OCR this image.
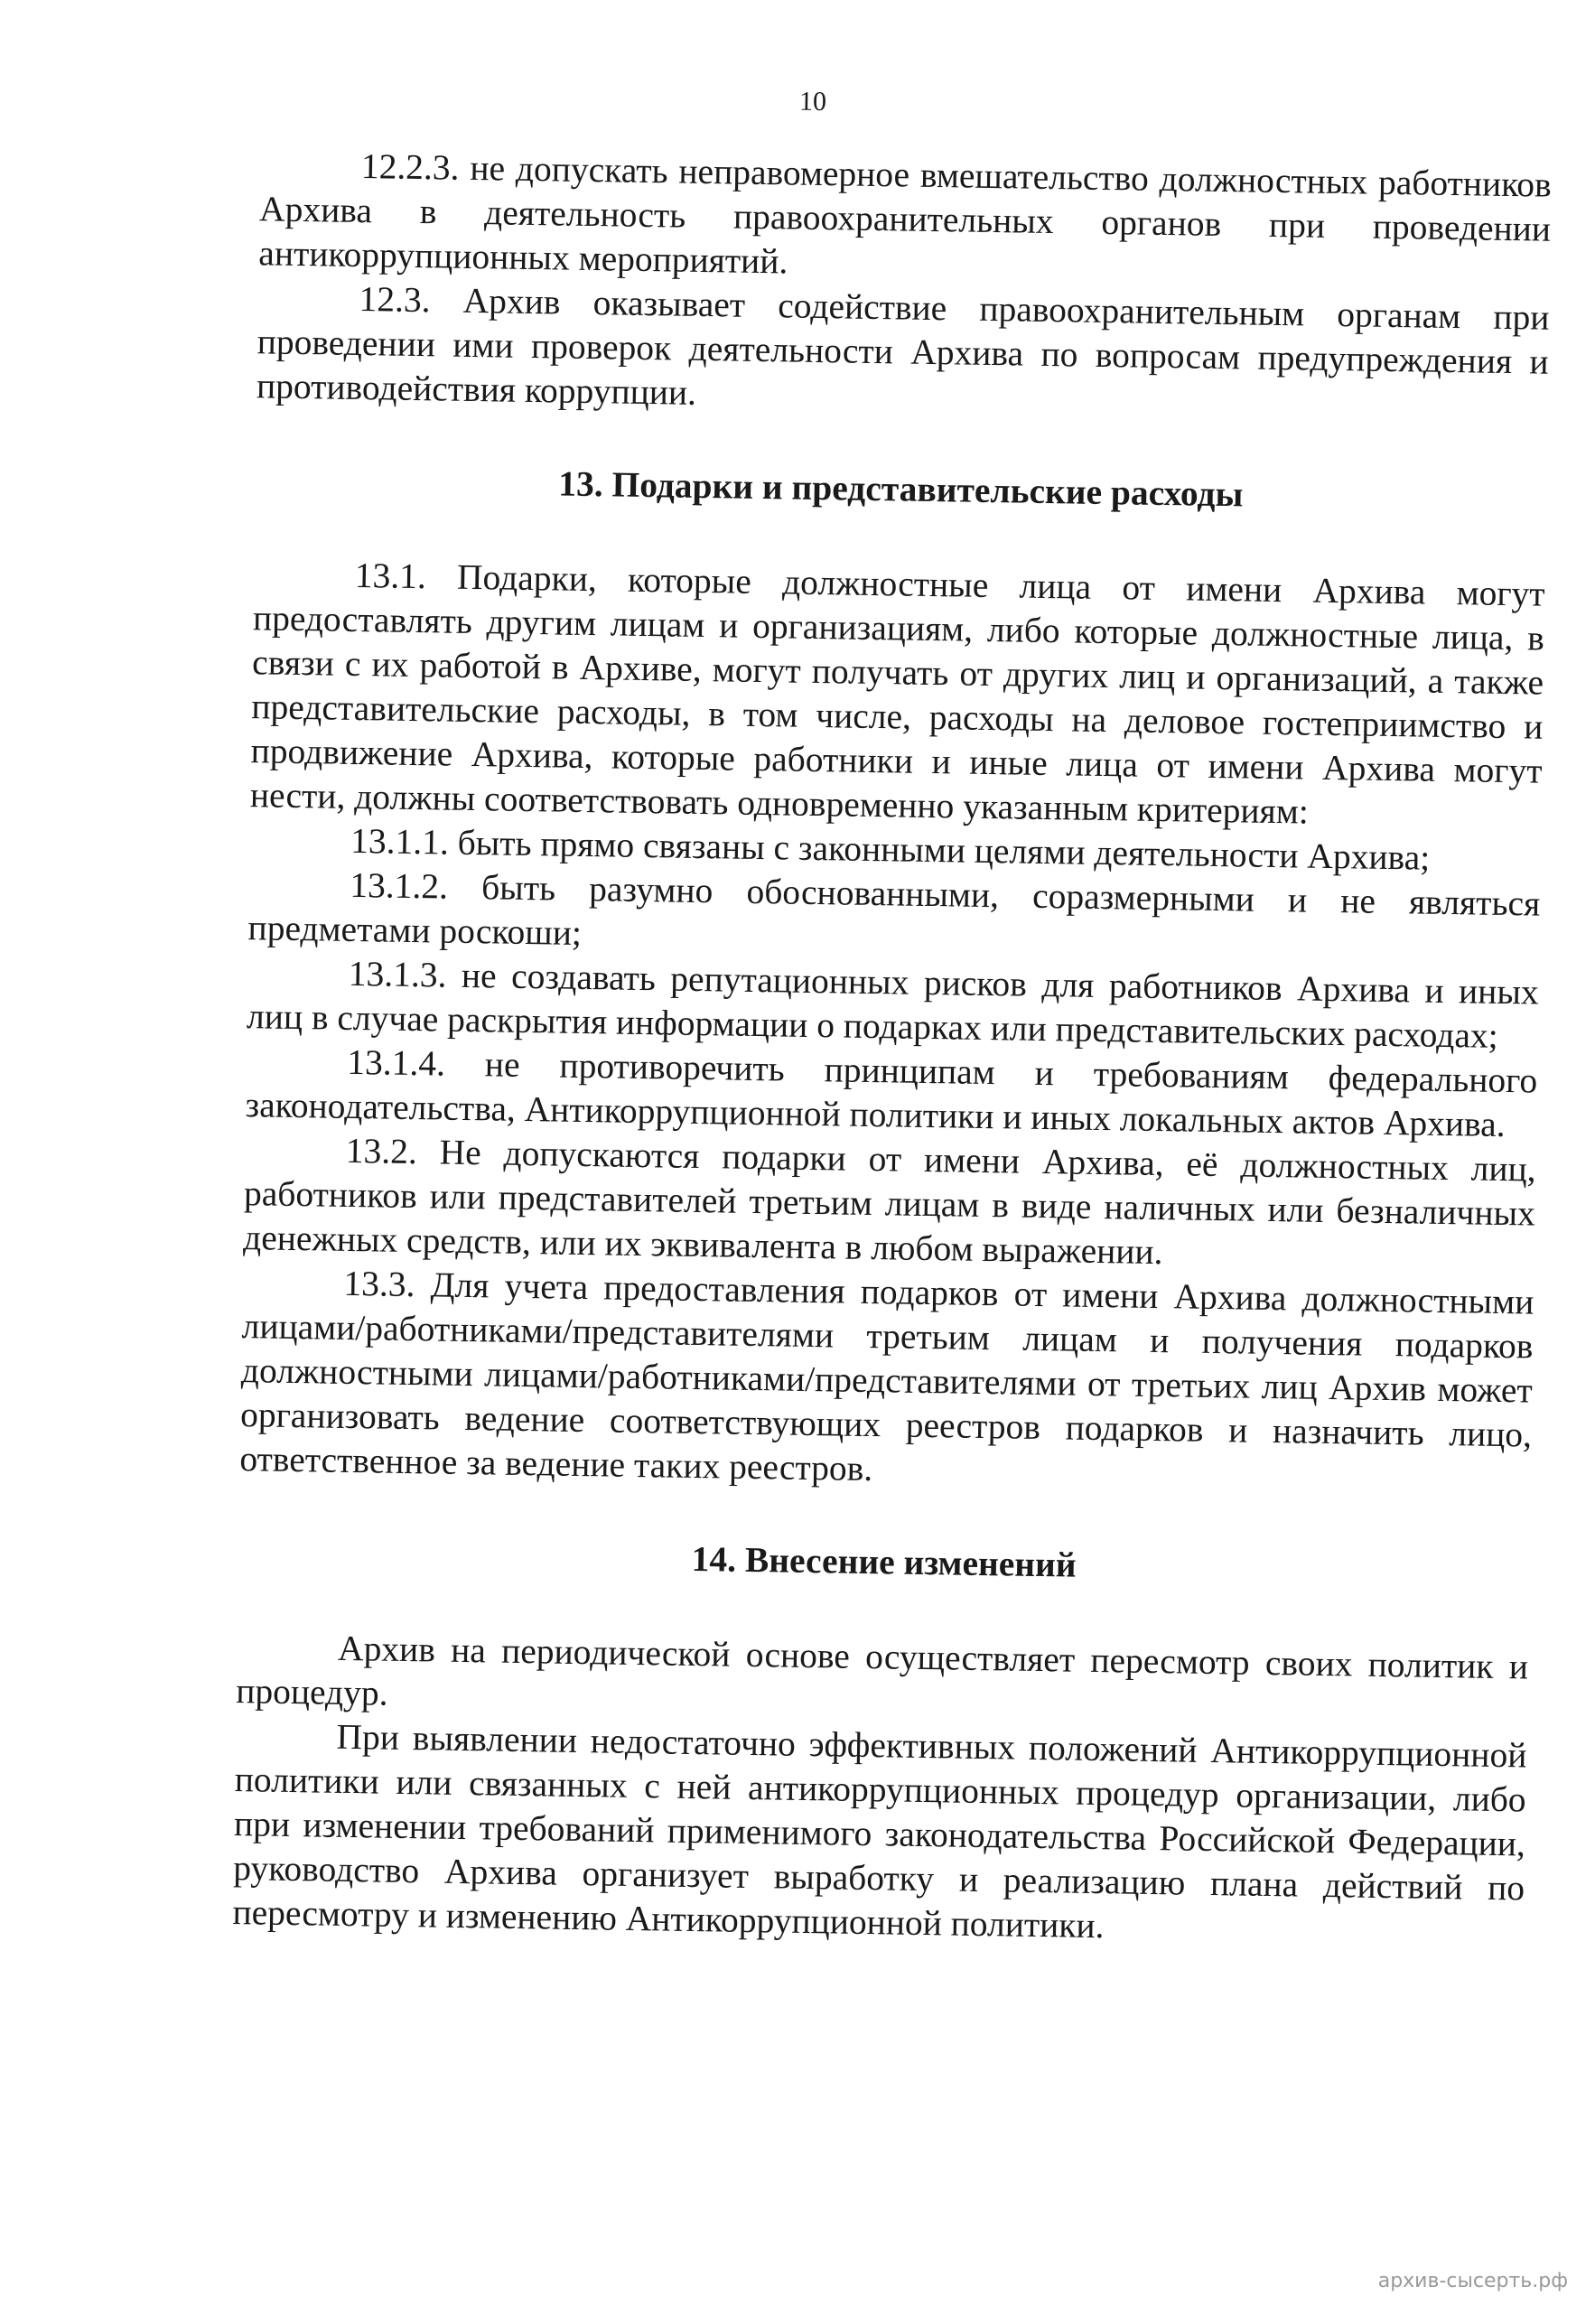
10

12.2.3. не допускать неправомерное вмешательство должностных работников Архива в деятельность правоохранительных органов при проведении антикоррупционных мероприятий.

12.3. Архив оказывает содействие правоохранительным органам при проведении ими проверок деятельности Архива по вопросам предупреждения и противодействия коррупции.

13. Подарки и представительские расходы

13.1. Подарки, которые должностные лица от имени Архива могут предоставлять другим лицам и организациям, либо которые должностные лица, в связи с их работой в Архиве, могут получать от других лиц и организаций, а также представительские расходы, в том числе, расходы на деловое гостеприимство и продвижение Архива, которые работники и иные лица от имени Архива могут нести, должны соответствовать одновременно указанным критериям:

13.1.1. быть прямо связаны с законными целями деятельности Архива;

13.1.2. быть разумно обоснованными, соразмерными и не являться предметами роскоши;

13.1.3. не создавать репутационных рисков для работников Архива и иных лиц в случае раскрытия информации о подарках или представительских расходах;

13.1.4. не противоречить принципам и требованиям федерального законодательства, Антикоррупционной политики и иных локальных актов Архива.

13.2. Не допускаются подарки от имени Архива, её должностных лиц, работников или представителей третьим лицам в виде наличных или безналичных денежных средств, или их эквивалента в любом выражении.

13.3. Для учета предоставления подарков от имени Архива должностными лицами/работниками/представителями третьим лицам и получения подарков должностными лицами/работниками/представителями от третьих лиц Архив может организовать ведение соответствующих реестров подарков и назначить лицо, ответственное за ведение таких реестров.

14. Внесение изменений

Архив на периодической основе осуществляет пересмотр своих политик и процедур.

При выявлении недостаточно эффективных положений Антикоррупционной политики или связанных с ней антикоррупционных процедур организации, либо при изменении требований применимого законодательства Российской Федерации, руководство Архива организует выработку и реализацию плана действий по пересмотру и изменению Антикоррупционной политики.

архив-сысерть.рф
